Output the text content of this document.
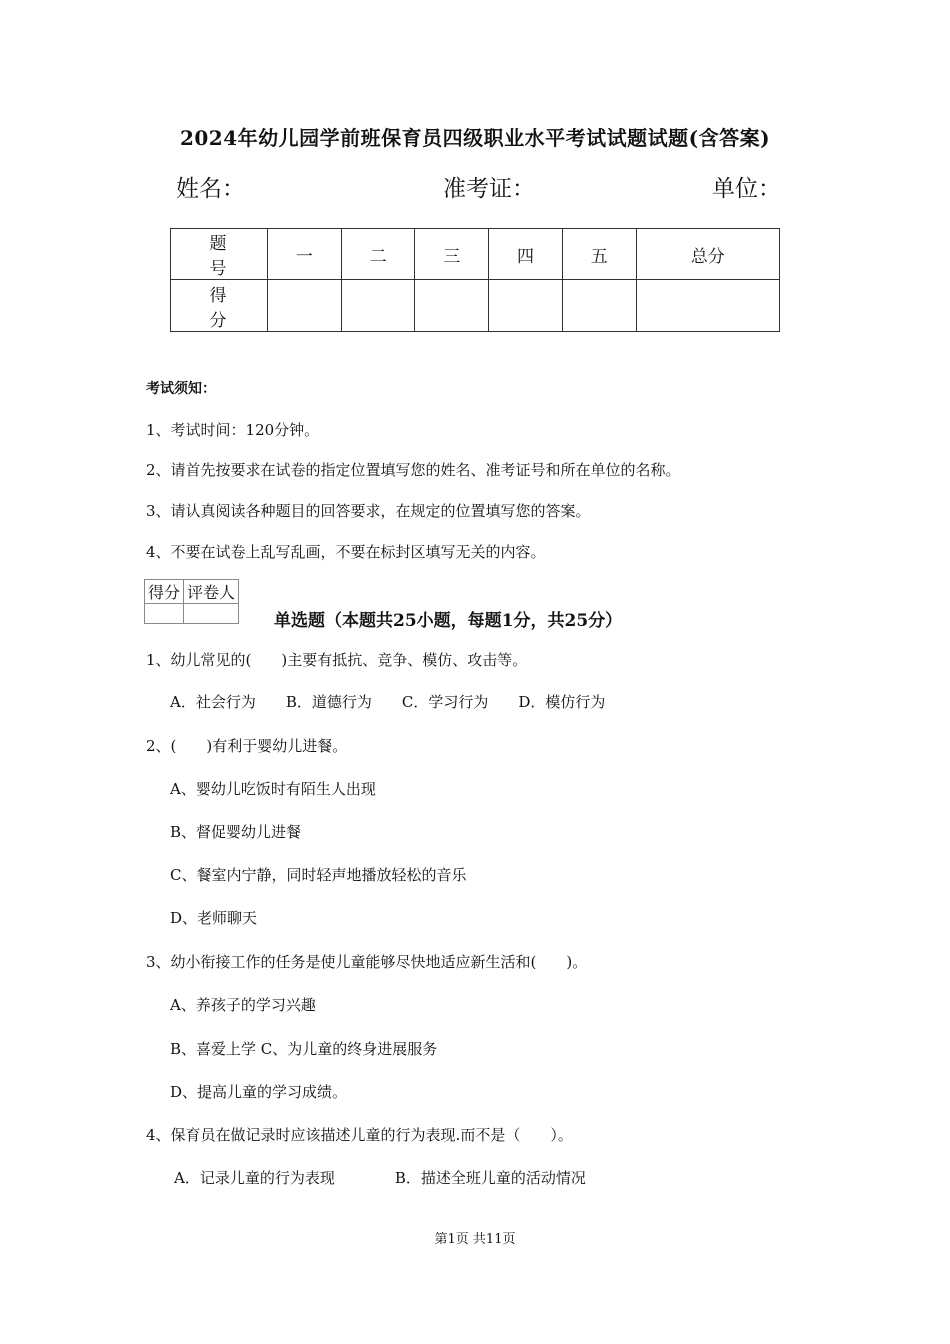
2024年幼儿园学前班保育员四级职业水平考试试题试题(含答案)
姓名：	准考证：	单位：
题　号	一	二	三	四	五	总分
得　分						
考试须知：
1、考试时间：120分钟。
2、请首先按要求在试卷的指定位置填写您的姓名、准考证号和所在单位的名称。
3、请认真阅读各种题目的回答要求，在规定的位置填写您的答案。
4、不要在试卷上乱写乱画，不要在标封区填写无关的内容。
得分	评卷人

单选题（本题共25小题，每题1分，共25分）
1、幼儿常见的(　　)主要有抵抗、竞争、模仿、攻击等。
A．社会行为　　B．道德行为　　C．学习行为　　D．模仿行为
2、(　　)有利于婴幼儿进餐。
A、婴幼儿吃饭时有陌生人出现
B、督促婴幼儿进餐
C、餐室内宁静，同时轻声地播放轻松的音乐
D、老师聊天
3、幼小衔接工作的任务是使儿童能够尽快地适应新生活和(　　)。
A、养孩子的学习兴趣
B、喜爱上学 C、为儿童的终身进展服务
D、提高儿童的学习成绩。
4、保育员在做记录时应该描述儿童的行为表现.而不是（　　）。
A．记录儿童的行为表现　　　　B．描述全班儿童的活动情况
第1页 共11页
